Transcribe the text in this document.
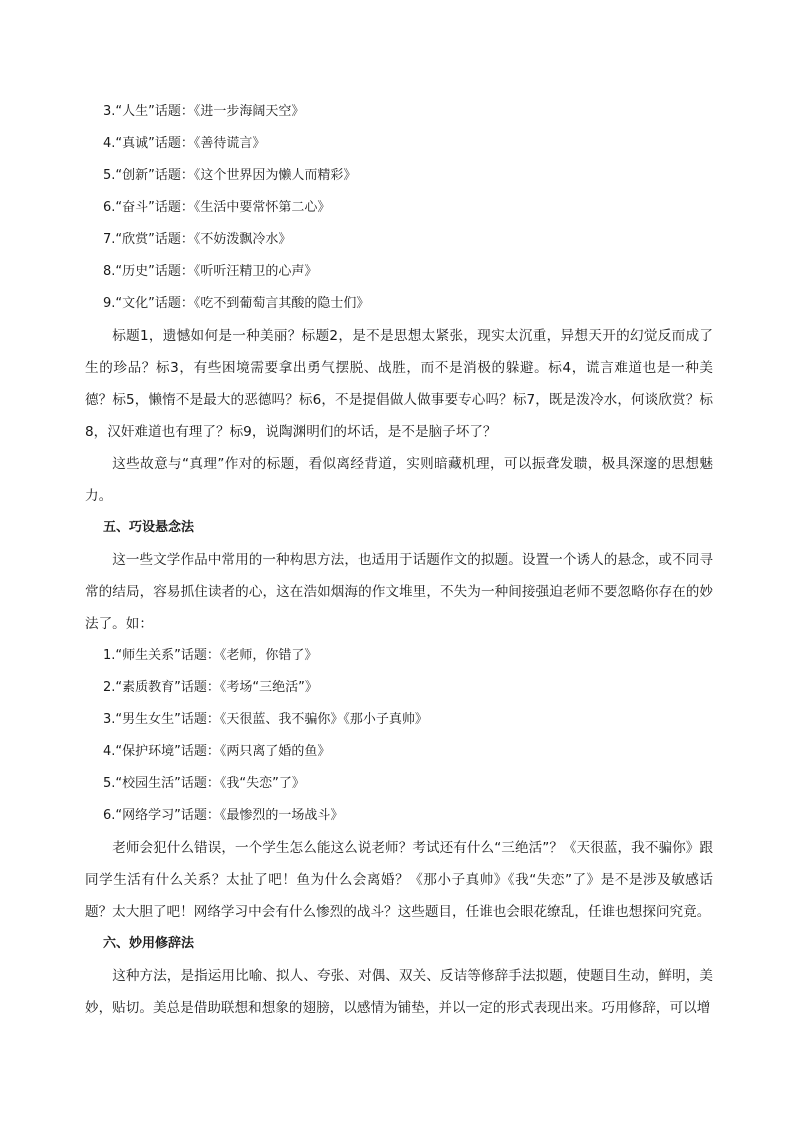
3.“人生”话题：《进一步海阔天空》
4.“真诚”话题：《善待谎言》
5.“创新”话题：《这个世界因为懒人而精彩》
6.“奋斗”话题：《生活中要常怀第二心》
7.“欣赏”话题：《不妨泼飘冷水》
8.“历史”话题：《听听汪精卫的心声》
9.“文化”话题：《吃不到葡萄言其酸的隐士们》

标题1，遗憾如何是一种美丽？标题2，是不是思想太紧张，现实太沉重，异想天开的幻觉反而成了生的珍品？标3，有些困境需要拿出勇气摆脱、战胜，而不是消极的躲避。标4，谎言难道也是一种美德？标5，懒惰不是最大的恶德吗？标6，不是提倡做人做事要专心吗？标7，既是泼冷水，何谈欣赏？标8，汉奸难道也有理了？标9，说陶渊明们的坏话，是不是脑子坏了？

这些故意与“真理”作对的标题，看似离经背道，实则暗藏机理，可以振聋发聩，极具深邃的思想魅力。

五、巧设悬念法

这一些文学作品中常用的一种构思方法，也适用于话题作文的拟题。设置一个诱人的悬念，或不同寻常的结局，容易抓住读者的心，这在浩如烟海的作文堆里，不失为一种间接强迫老师不要忽略你存在的妙法了。如：

1.“师生关系”话题：《老师，你错了》
2.“素质教育”话题：《考场“三绝活”》
3.“男生女生”话题：《天很蓝、我不骗你》《那小子真帅》
4.“保护环境”话题：《两只离了婚的鱼》
5.“校园生活”话题：《我“失恋”了》
6.“网络学习”话题：《最惨烈的一场战斗》

老师会犯什么错误，一个学生怎么能这么说老师？考试还有什么“三绝活”？《天很蓝，我不骗你》跟同学生活有什么关系？太扯了吧！鱼为什么会离婚？《那小子真帅》《我“失恋”了》是不是涉及敏感话题？太大胆了吧！网络学习中会有什么惨烈的战斗？这些题目，任谁也会眼花缭乱，任谁也想探问究竟。

六、妙用修辞法

这种方法，是指运用比喻、拟人、夸张、对偶、双关、反诘等修辞手法拟题，使题目生动，鲜明，美妙，贴切。美总是借助联想和想象的翅膀，以感情为铺垫，并以一定的形式表现出来。巧用修辞，可以增
